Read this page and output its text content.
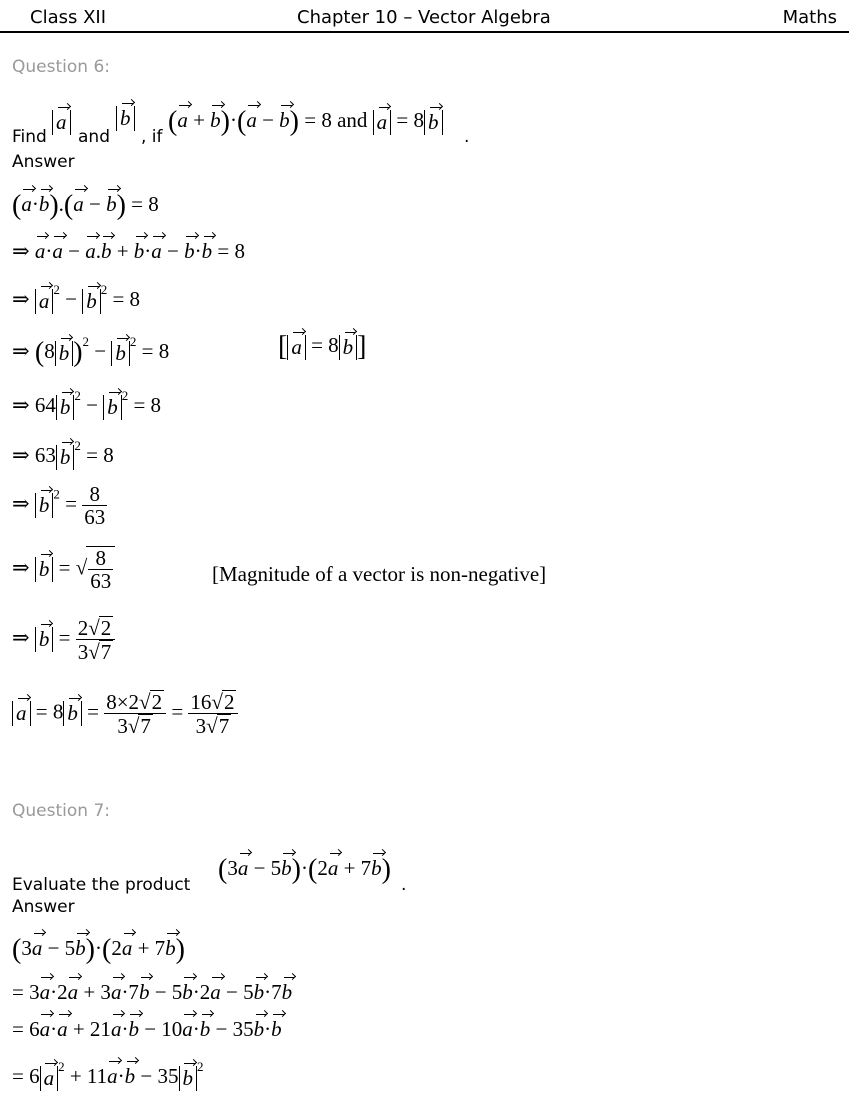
Class XII	Chapter 10 – Vector Algebra	Maths
Question 6:
Find
a
and
b
, if (a + b)·(a − b) = 8 and a = 8 b
.
Answer
(a·b).(a − b) = 8
⇒ a·a − a.b + b·a − b·b = 8
⇒ a $^2$ − b $^2$ = 8
⇒ (8 b )$^2$ − b $^2$ = 8	[ a = 8 b ]
⇒ 64 b $^2$ − b $^2$ = 8
⇒ 63 b $^2$ = 8
⇒ b $^2 = \frac{8}{63}$
⇒ b = √ $\frac{8}{63}$	[Magnitude of a vector is non-negative]
⇒ $b = \frac{2√2}{3√7}$
a = 8 $b = \frac{8\times 2√2}{3√7} = \frac{16√2}{3√7}$
Question 7:
Evaluate the product (3a − 5b)·(2a + 7b) .
Answer
(3a − 5b)·(2a + 7b)
= 3a·2a + 3a·7b − 5b·2a − 5b·7b
= 6a·a + 21a·b − 10a·b − 35b·b
= 6 a $^2$ + 11a·b − 35 b $^2$
